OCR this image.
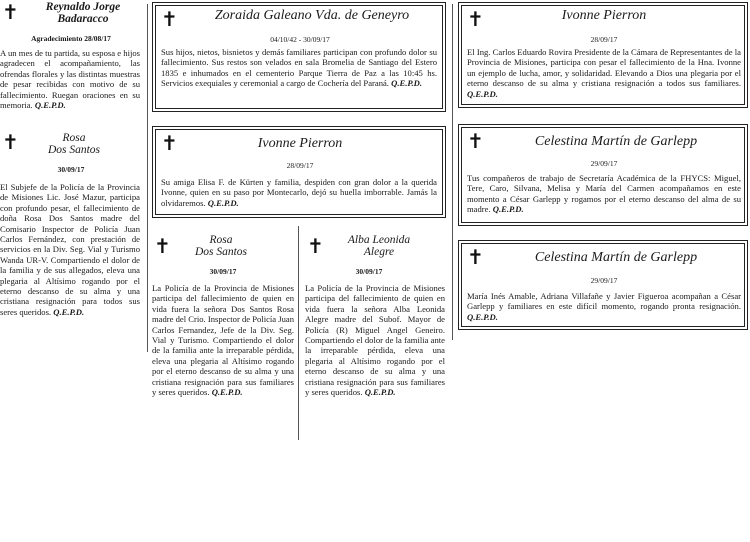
✝	Reynaldo Jorge
Badaracco
Agradecimiento 28/08/17

A un mes de tu partida, su esposa e hijos agradecen el acompañamiento, las ofrendas florales y las distintas muestras de pesar recibidas con motivo de su fallecimiento. Ruegan oraciones en su memoria. Q.E.P.D.

✝	Rosa
Dos Santos
30/09/17

El Subjefe de la Policía de la Provincia de Misiones Lic. José Mazur, participa con profundo pesar, el fallecimiento de doña Rosa Dos Santos madre del Comisario Inspector de Policía Juan Carlos Fernández, con prestación de servicios en la Div. Seg. Vial y Turismo Wanda UR-V. Compartiendo el dolor de la familia y de sus allegados, eleva una plegaria al Altísimo rogando por el eterno descanso de su alma y una cristiana resignación para todos sus seres queridos. Q.E.P.D.

✝	Zoraida Galeano Vda. de Geneyro
04/10/42 - 30/09/17

Sus hijos, nietos, bisnietos y demás familiares participan con profundo dolor su fallecimiento. Sus restos son velados en sala Bromelia de Santiago del Estero 1835 e inhumados en el cementerio Parque Tierra de Paz a las 10:45 hs. Servicios exequiales y ceremonial a cargo de Cochería del Paraná. Q.E.P.D.

✝	Ivonne Pierron
28/09/17

Su amiga Elisa F. de Kürten y familia, despiden con gran dolor a la querida Ivonne, quien en su paso por Montecarlo, dejó su huella imborrable. Jamás la olvidaremos. Q.E.P.D.

✝	Rosa
Dos Santos
30/09/17

La Policía de la Provincia de Misiones participa del fallecimiento de quien en vida fuera la señora Dos Santos Rosa madre del Crio. Inspector de Policía Juan Carlos Fernandez, Jefe de la Div. Seg. Vial y Turismo. Compartiendo el dolor de la familia ante la irreparable pérdida, eleva una plegaria al Altísimo rogando por el eterno descanso de su alma y una cristiana resignación para sus familiares y seres queridos. Q.E.P.D.

✝	Alba Leonida
Alegre
30/09/17

La Policía de la Provincia de Misiones participa del fallecimiento de quien en vida fuera la señora Alba Leonida Alegre madre del Subof. Mayor de Policía (R) Miguel Angel Geneiro. Compartiendo el dolor de la familia ante la irreparable pérdida, eleva una plegaria al Altísimo rogando por el eterno descanso de su alma y una cristiana resignación para sus familiares y seres queridos. Q.E.P.D.

✝	Ivonne Pierron
28/09/17

El Ing. Carlos Eduardo Rovira Presidente de la Cámara de Representantes de la Provincia de Misiones, participa con pesar el fallecimiento de la Hna. Ivonne un ejemplo de lucha, amor, y solidaridad. Elevando a Dios una plegaria por el eterno descanso de su alma y cristiana resignación a todos sus familiares. Q.E.P.D.

✝	Celestina Martín de Garlepp
29/09/17

Tus compañeros de trabajo de Secretaría Académica de la FHYCS: Miguel, Tere, Caro, Silvana, Melisa y María del Carmen acompañamos en este momento a César Garlepp y rogamos por el eterno descanso del alma de su madre. Q.E.P.D.

✝	Celestina Martín de Garlepp
29/09/17

María Inés Amable, Adriana Villafañe y Javier Figueroa acompañan a César Garlepp y familiares en este difícil momento, rogando pronta resignación. Q.E.P.D.
